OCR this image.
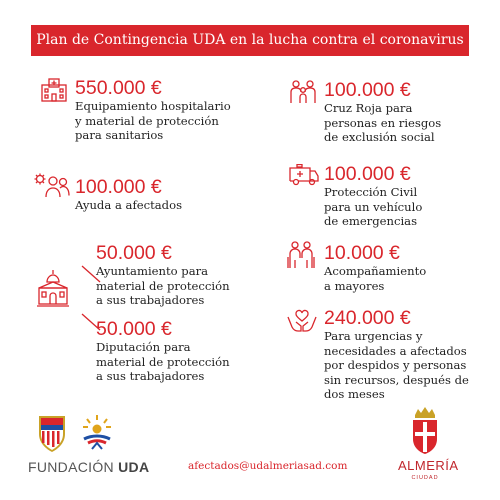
Plan de Contingencia UDA en la lucha contra el coronavirus
550.000 €
Equipamiento hospitalario
y material de protección
para sanitarios
100.000 €
Ayuda a afectados
50.000 €
Ayuntamiento para
material de protección
a sus trabajadores
50.000 €
Diputación para
material de protección
a sus trabajadores
100.000 €
Cruz Roja para
personas en riesgos
de exclusión social
100.000 €
Protección Civil
para un vehículo
de emergencias
10.000 €
Acompañamiento
a mayores
240.000 €
Para urgencias y
necesidades a afectados
por despidos y personas
sin recursos, después de
dos meses
FUNDACIÓN UDA	afectados@udalmeriasad.com	ALMERÍA
CIUDAD
